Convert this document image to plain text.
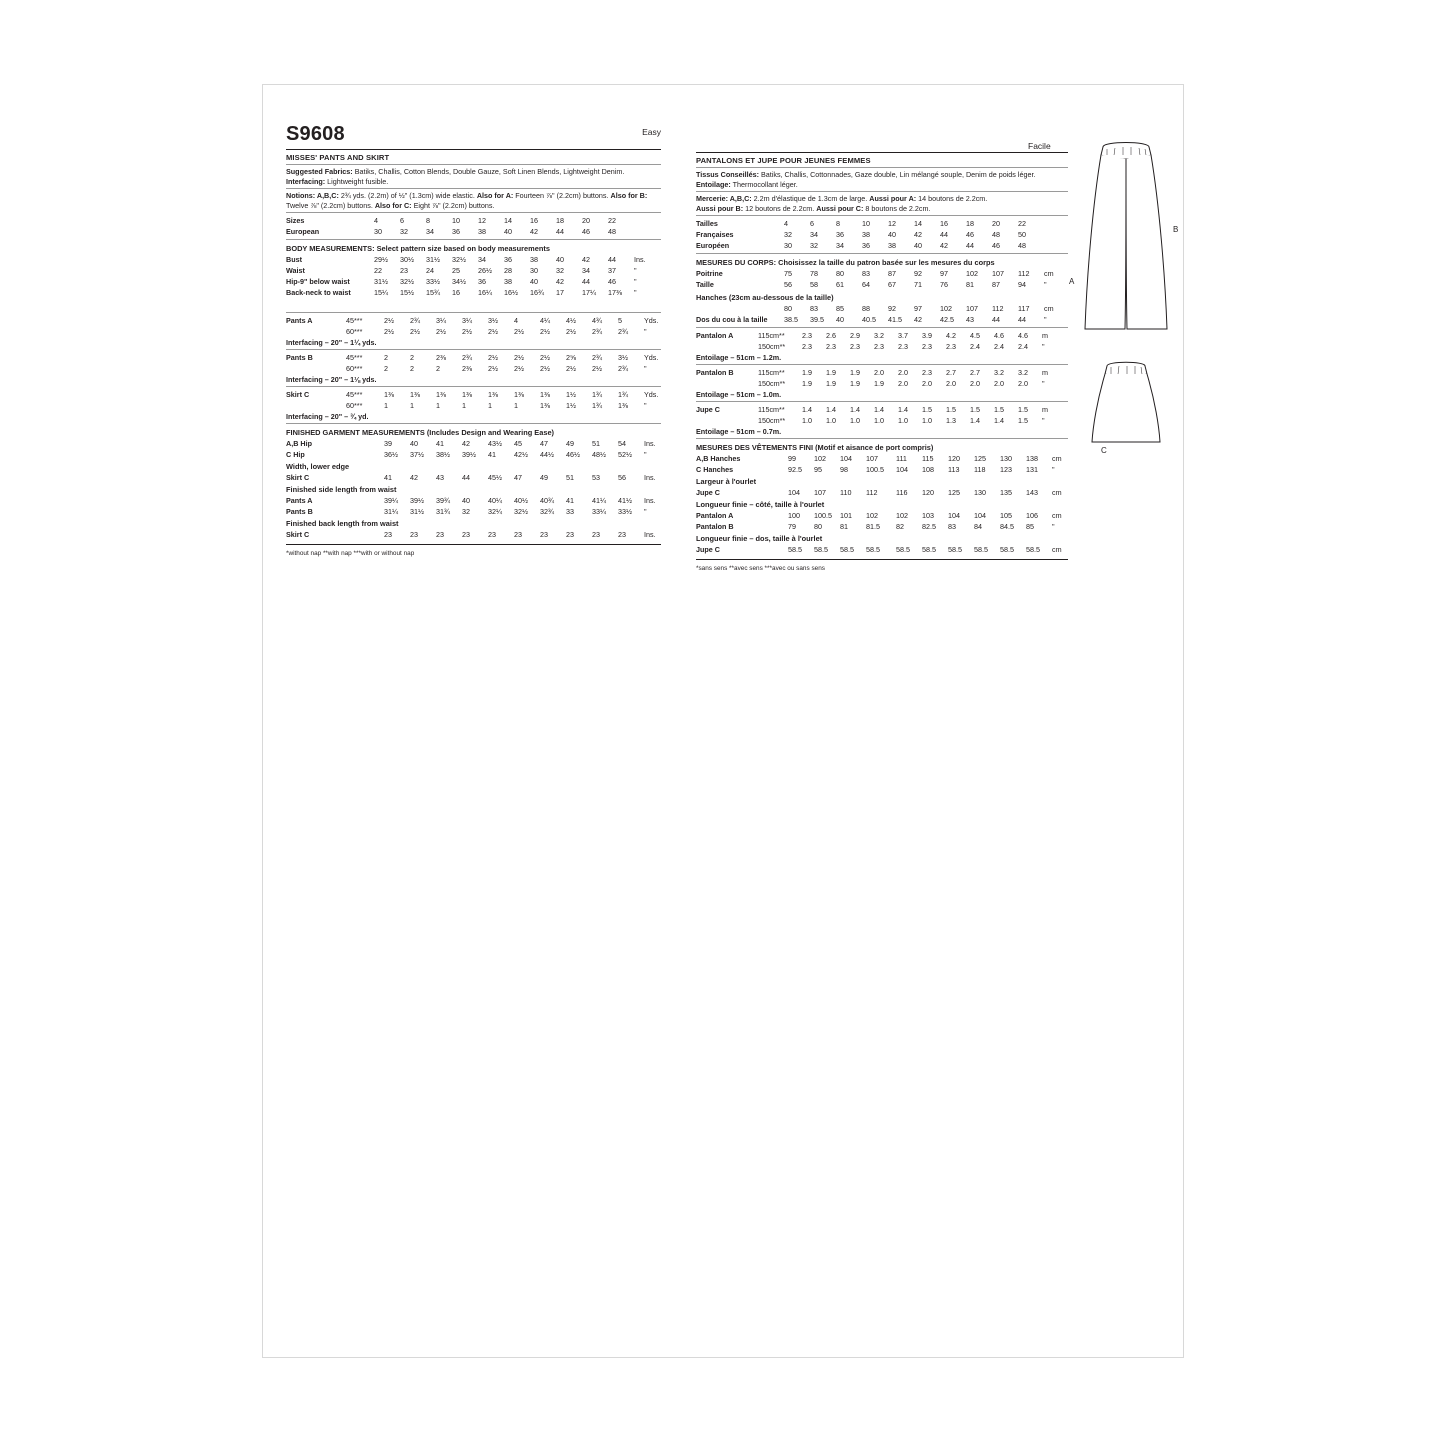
S9608	Easy
MISSES' PANTS AND SKIRT

Suggested Fabrics: Batiks, Challis, Cotton Blends, Double Gauze, Soft Linen Blends, Lightweight Denim. Interfacing: Lightweight fusible.

Notions: A,B,C: 2¾ yds. (2.2m) of ½" (1.3cm) wide elastic. Also for A: Fourteen ⅞" (2.2cm) buttons. Also for B: Twelve ⅞" (2.2cm) buttons. Also for C: Eight ⅞" (2.2cm) buttons.

Sizes	4	6	8	10	12	14	16	18	20	22	
European	30	32	34	36	38	40	42	44	46	48	
BODY MEASUREMENTS: Select pattern size based on body measurements
Bust	29½	30½	31½	32½	34	36	38	40	42	44	Ins.
Waist	22	23	24	25	26½	28	30	32	34	37	"
Hip-9" below waist	31½	32½	33½	34½	36	38	40	42	44	46	"
Back-neck to waist	15¼	15½	15¾	16	16¼	16½	16¾	17	17¼	17⅜	"
Pants A	45***	2½	2¾	3¼	3¼	3½	4	4¼	4½	4¾	5	Yds.
	60***	2½	2½	2½	2½	2½	2½	2½	2½	2¾	2¾	"
Interfacing – 20" – 1¼ yds.
Pants B	45***	2	2	2⅜	2¾	2½	2½	2½	2⅝	2¾	3½	Yds.
	60***	2	2	2	2⅜	2½	2½	2½	2½	2½	2¾	"
Interfacing – 20" – 1⅛ yds.
Skirt C	45***	1⅜	1⅜	1⅜	1⅜	1⅜	1⅜	1⅜	1½	1¾	1¾	Yds.
	60***	1	1	1	1	1	1	1⅜	1½	1¾	1⅜	"
Interfacing – 20" – ¾ yd.
FINISHED GARMENT MEASUREMENTS (Includes Design and Wearing Ease)
A,B Hip	39	40	41	42	43½	45	47	49	51	54	Ins.
C Hip	36½	37½	38½	39½	41	42½	44½	46½	48½	52½	"
Width, lower edge
Skirt C	41	42	43	44	45½	47	49	51	53	56	Ins.
Finished side length from waist
Pants A	39¼	39½	39¾	40	40¼	40½	40¾	41	41¼	41½	Ins.
Pants B	31¼	31½	31¾	32	32¼	32½	32¾	33	33¼	33½	"
Finished back length from waist
Skirt C	23	23	23	23	23	23	23	23	23	23	Ins.
*without nap **with nap ***with or without nap
PANTALONS ET JUPE POUR JEUNES FEMMES

Tissus Conseillés: Batiks, Challis, Cottonnades, Gaze double, Lin mélangé souple, Denim de poids léger. Entoilage: Thermocollant léger.

Mercerie: A,B,C: 2.2m d'élastique de 1.3cm de large. Aussi pour A: 14 boutons de 2.2cm.
Aussi pour B: 12 boutons de 2.2cm. Aussi pour C: 8 boutons de 2.2cm.

Tailles	4	6	8	10	12	14	16	18	20	22	
Françaises	32	34	36	38	40	42	44	46	48	50	
Européen	30	32	34	36	38	40	42	44	46	48	
MESURES DU CORPS: Choisissez la taille du patron basée sur les mesures du corps
Poitrine	75	78	80	83	87	92	97	102	107	112	cm
Taille	56	58	61	64	67	71	76	81	87	94	"
Hanches (23cm au-dessous de la taille)
	80	83	85	88	92	97	102	107	112	117	cm
Dos du cou à la taille	38.5	39.5	40	40.5	41.5	42	42.5	43	44	44	"
Pantalon A	115cm**	2.3	2.6	2.9	3.2	3.7	3.9	4.2	4.5	4.6	4.6	m
	150cm**	2.3	2.3	2.3	2.3	2.3	2.3	2.3	2.4	2.4	2.4	"
Entoilage – 51cm – 1.2m.
Pantalon B	115cm**	1.9	1.9	1.9	2.0	2.0	2.3	2.7	2.7	3.2	3.2	m
	150cm**	1.9	1.9	1.9	1.9	2.0	2.0	2.0	2.0	2.0	2.0	"
Entoilage – 51cm – 1.0m.
Jupe C	115cm**	1.4	1.4	1.4	1.4	1.4	1.5	1.5	1.5	1.5	1.5	m
	150cm**	1.0	1.0	1.0	1.0	1.0	1.0	1.3	1.4	1.4	1.5	"
Entoilage – 51cm – 0.7m.
MESURES DES VÊTEMENTS FINI (Motif et aisance de port compris)
A,B Hanches	99	102	104	107	111	115	120	125	130	138	cm
C Hanches	92.5	95	98	100.5	104	108	113	118	123	131	"
Largeur à l'ourlet
Jupe C	104	107	110	112	116	120	125	130	135	143	cm
Longueur finie – côté, taille à l'ourlet
Pantalon A	100	100.5	101	102	102	103	104	104	105	106	cm
Pantalon B	79	80	81	81.5	82	82.5	83	84	84.5	85	"
Longueur finie – dos, taille à l'ourlet
Jupe C	58.5	58.5	58.5	58.5	58.5	58.5	58.5	58.5	58.5	58.5	cm
*sans sens **avec sens ***avec ou sans sens
B
A
C
Facile
